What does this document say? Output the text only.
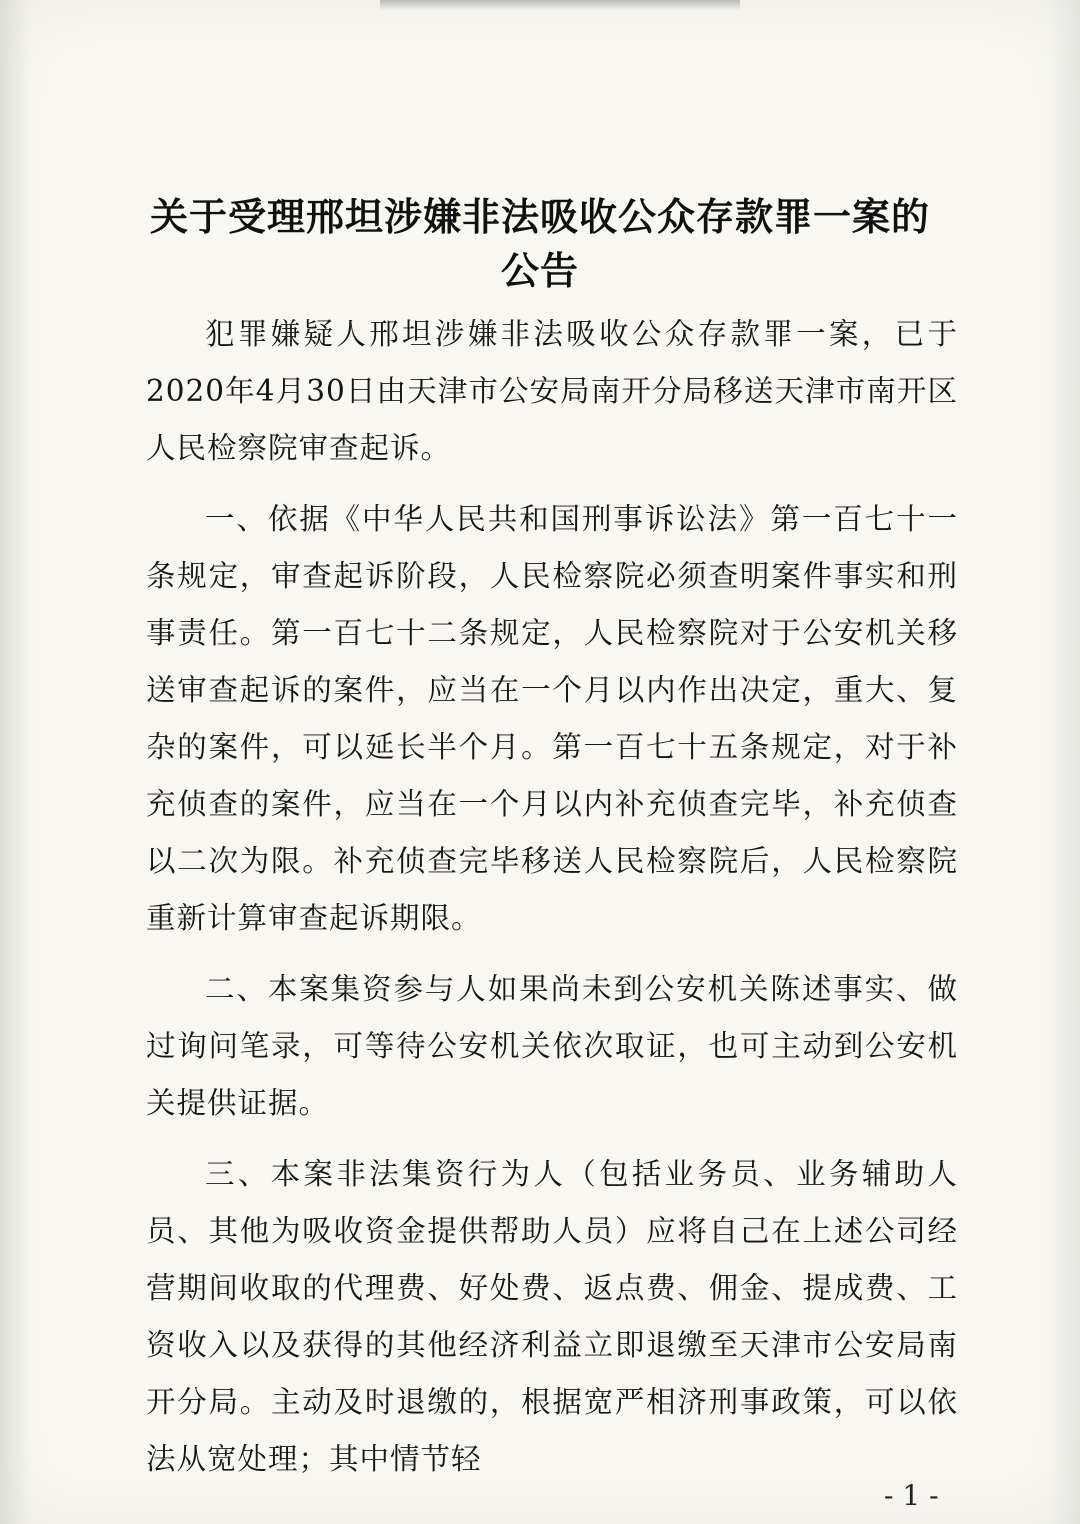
关于受理邢坦涉嫌非法吸收公众存款罪一案的
公告

犯罪嫌疑人邢坦涉嫌非法吸收公众存款罪一案，已于2020年4月30日由天津市公安局南开分局移送天津市南开区人民检察院审查起诉。

一、依据《中华人民共和国刑事诉讼法》第一百七十一条规定，审查起诉阶段，人民检察院必须查明案件事实和刑事责任。第一百七十二条规定，人民检察院对于公安机关移送审查起诉的案件，应当在一个月以内作出决定，重大、复杂的案件，可以延长半个月。第一百七十五条规定，对于补充侦查的案件，应当在一个月以内补充侦查完毕，补充侦查以二次为限。补充侦查完毕移送人民检察院后，人民检察院重新计算审查起诉期限。

二、本案集资参与人如果尚未到公安机关陈述事实、做过询问笔录，可等待公安机关依次取证，也可主动到公安机关提供证据。

三、本案非法集资行为人（包括业务员、业务辅助人员、其他为吸收资金提供帮助人员）应将自己在上述公司经营期间收取的代理费、好处费、返点费、佣金、提成费、工资收入以及获得的其他经济利益立即退缴至天津市公安局南开分局。主动及时退缴的，根据宽严相济刑事政策，可以依法从宽处理；其中情节轻

- 1 -
